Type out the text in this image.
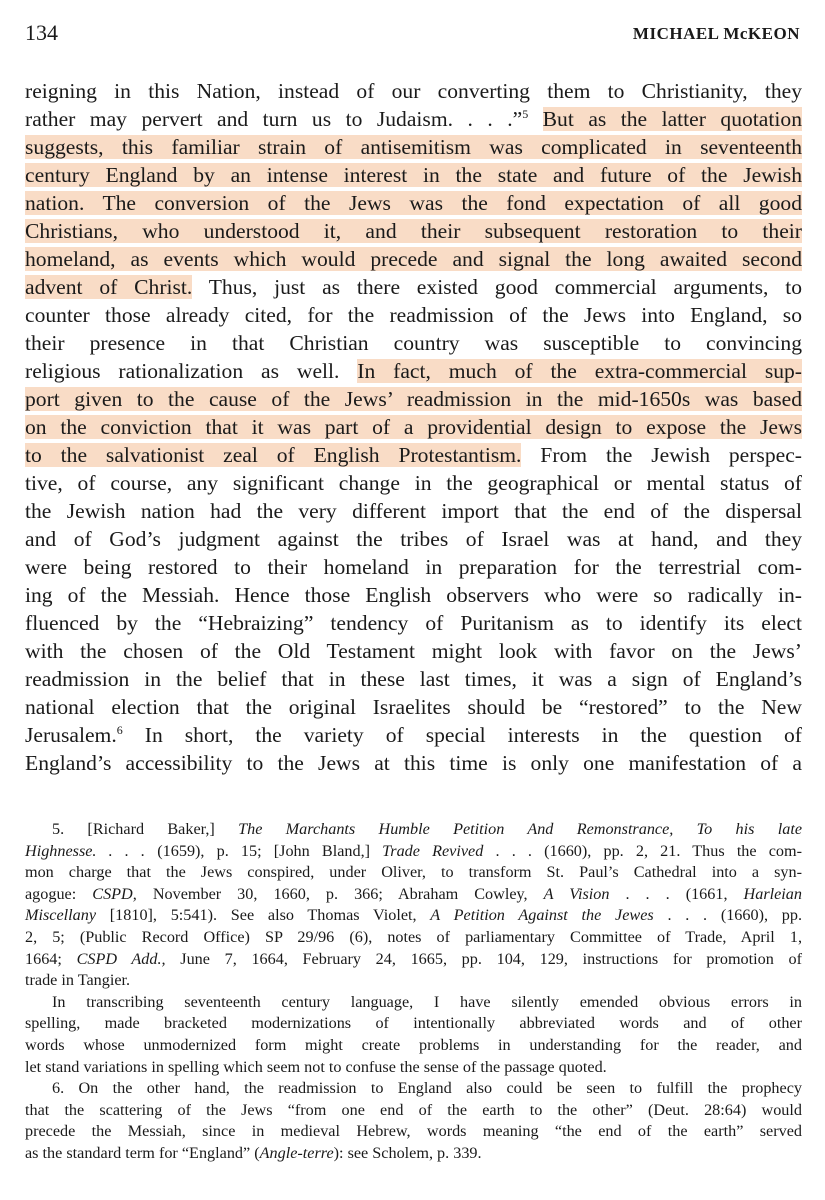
134	MICHAEL McKEON
reigning in this Nation, instead of our converting them to Christianity, they
rather may pervert and turn us to Judaism. . . .”$^5$ But as the latter quotation
suggests, this familiar strain of antisemitism was complicated in seventeenth
century England by an intense interest in the state and future of the Jewish
nation. The conversion of the Jews was the fond expectation of all good
Christians, who understood it, and their subsequent restoration to their
homeland, as events which would precede and signal the long awaited second
advent of Christ. Thus, just as there existed good commercial arguments, to
counter those already cited, for the readmission of the Jews into England, so
their presence in that Christian country was susceptible to convincing
religious rationalization as well. In fact, much of the extra-commercial sup-
port given to the cause of the Jews’ readmission in the mid-1650s was based
on the conviction that it was part of a providential design to expose the Jews
to the salvationist zeal of English Protestantism. From the Jewish perspec-
tive, of course, any significant change in the geographical or mental status of
the Jewish nation had the very different import that the end of the dispersal
and of God’s judgment against the tribes of Israel was at hand, and they
were being restored to their homeland in preparation for the terrestrial com-
ing of the Messiah. Hence those English observers who were so radically in-
fluenced by the “Hebraizing” tendency of Puritanism as to identify its elect
with the chosen of the Old Testament might look with favor on the Jews’
readmission in the belief that in these last times, it was a sign of England’s
national election that the original Israelites should be “restored” to the New
Jerusalem.$^6$ In short, the variety of special interests in the question of
England’s accessibility to the Jews at this time is only one manifestation of a
5. [Richard Baker,] The Marchants Humble Petition And Remonstrance, To his late
Highnesse. . . . (1659), p. 15; [John Bland,] Trade Revived . . . (1660), pp. 2, 21. Thus the com-
mon charge that the Jews conspired, under Oliver, to transform St. Paul’s Cathedral into a syn-
agogue: CSPD, November 30, 1660, p. 366; Abraham Cowley, A Vision . . . (1661, Harleian
Miscellany [1810], 5:541). See also Thomas Violet, A Petition Against the Jewes . . . (1660), pp.
2, 5; (Public Record Office) SP 29/96 (6), notes of parliamentary Committee of Trade, April 1,
1664; CSPD Add., June 7, 1664, February 24, 1665, pp. 104, 129, instructions for promotion of
trade in Tangier.
In transcribing seventeenth century language, I have silently emended obvious errors in
spelling, made bracketed modernizations of intentionally abbreviated words and of other
words whose unmodernized form might create problems in understanding for the reader, and
let stand variations in spelling which seem not to confuse the sense of the passage quoted.
6. On the other hand, the readmission to England also could be seen to fulfill the prophecy
that the scattering of the Jews “from one end of the earth to the other” (Deut. 28:64) would
precede the Messiah, since in medieval Hebrew, words meaning “the end of the earth” served
as the standard term for “England” (Angle-terre): see Scholem, p. 339.
